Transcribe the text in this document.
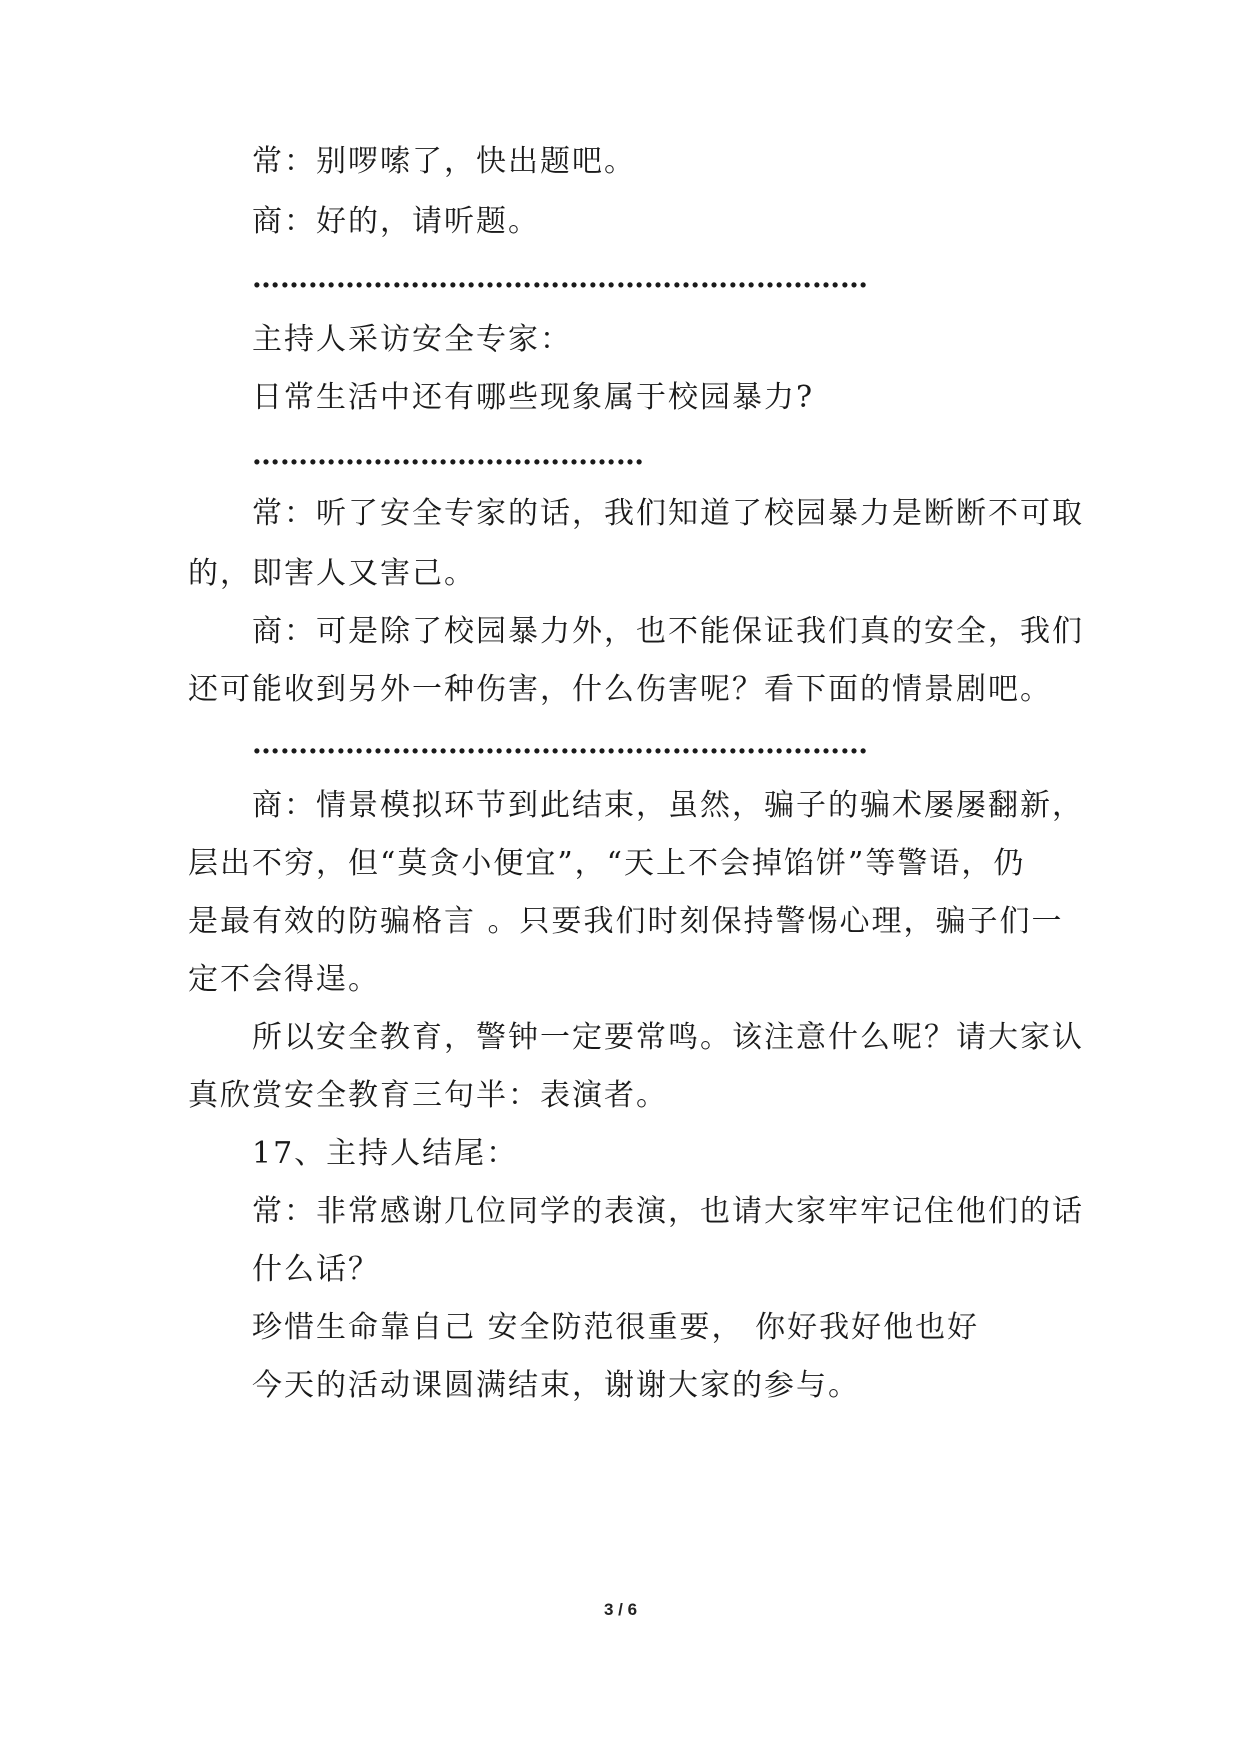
常：别啰嗦了，快出题吧。
商：好的，请听题。
…………………………………………………………
主持人采访安全专家：
日常生活中还有哪些现象属于校园暴力?
……………………………………
常：听了安全专家的话，我们知道了校园暴力是断断不可取
的，即害人又害己。
商：可是除了校园暴力外，也不能保证我们真的安全，我们
还可能收到另外一种伤害，什么伤害呢？看下面的情景剧吧。
…………………………………………………………
商：情景模拟环节到此结束，虽然，骗子的骗术屡屡翻新，
层出不穷，但“莫贪小便宜”，“天上不会掉馅饼”等警语，仍
是最有效的防骗格言 。只要我们时刻保持警惕心理，骗子们一
定不会得逞。
所以安全教育，警钟一定要常鸣。该注意什么呢？请大家认
真欣赏安全教育三句半：表演者。
17、主持人结尾：
常：非常感谢几位同学的表演，也请大家牢牢记住他们的话
什么话？
珍惜生命靠自己 安全防范很重要， 你好我好他也好
今天的活动课圆满结束，谢谢大家的参与。
3 / 6
